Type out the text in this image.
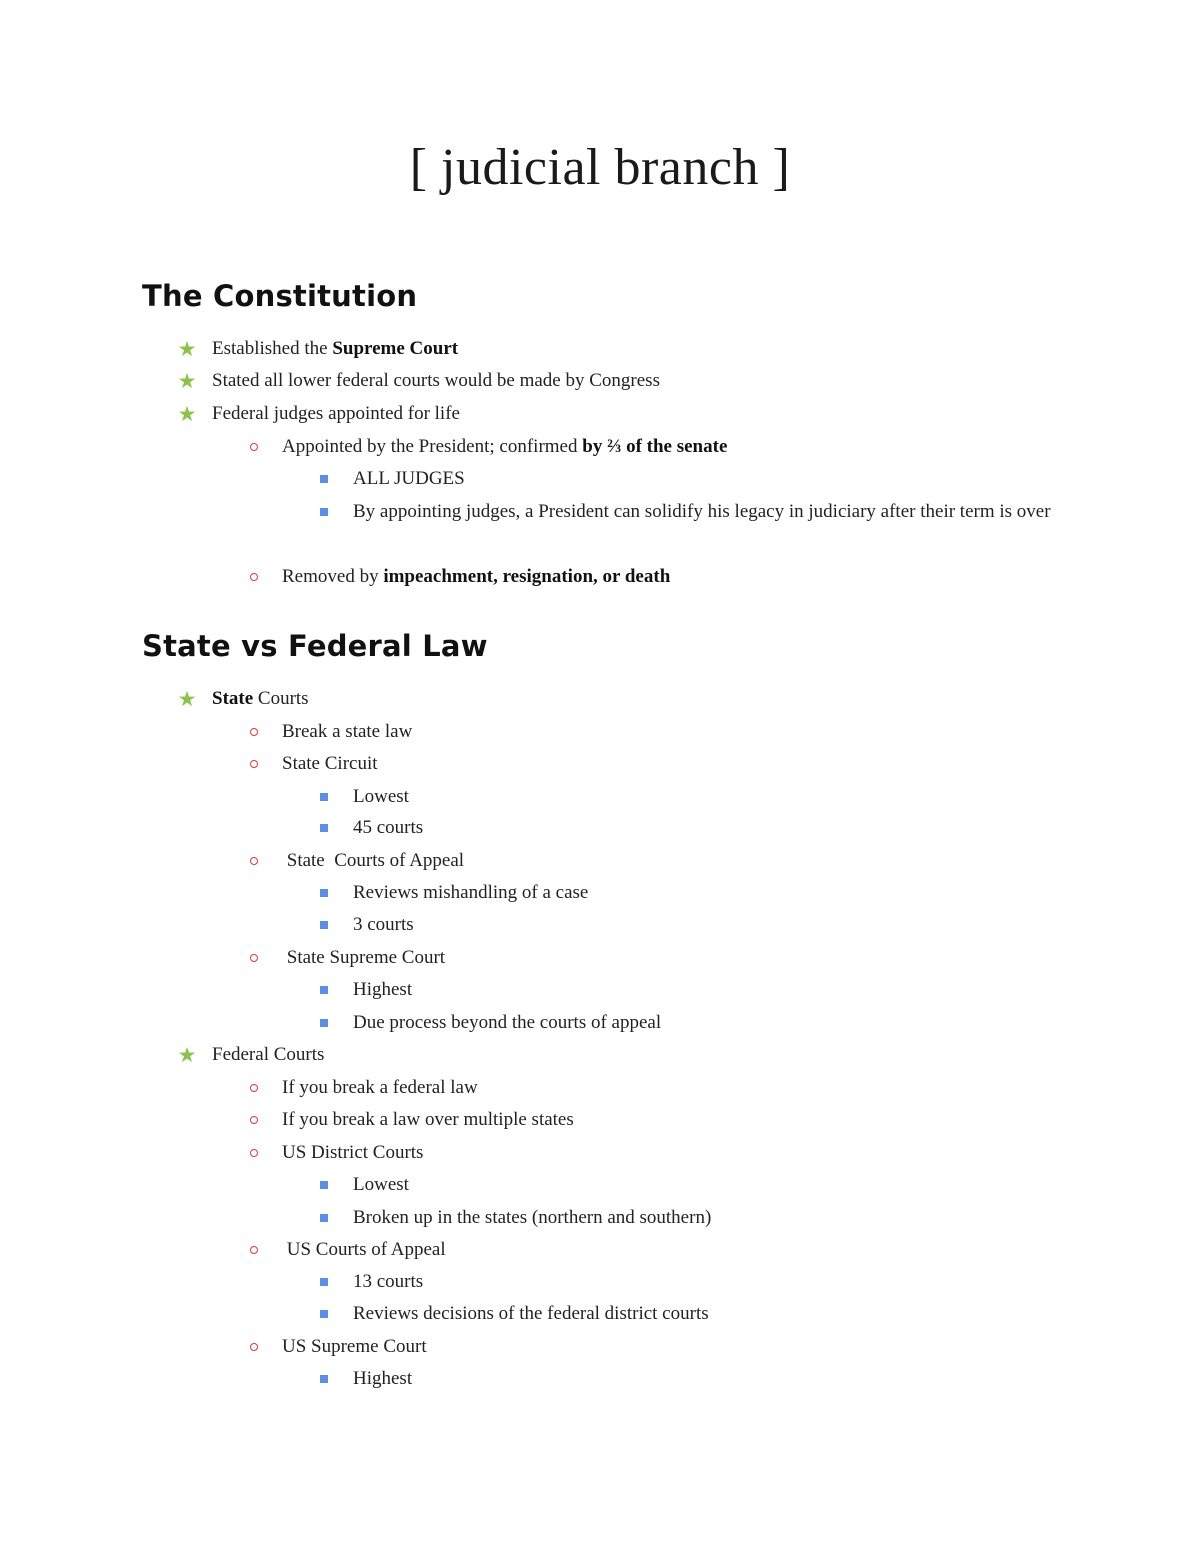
[ judicial branch ]
The Constitution
★ Established the Supreme Court
★ Stated all lower federal courts would be made by Congress
★ Federal judges appointed for life
Appointed by the President; confirmed by ⅔ of the senate
ALL JUDGES
By appointing judges, a President can solidify his legacy in judiciary after their term is over
Removed by impeachment, resignation, or death
State vs Federal Law
★ State Courts
Break a state law
State Circuit
Lowest
45 courts
State  Courts of Appeal
Reviews mishandling of a case
3 courts
State Supreme Court
Highest
Due process beyond the courts of appeal
★ Federal Courts
If you break a federal law
If you break a law over multiple states
US District Courts
Lowest
Broken up in the states (northern and southern)
US Courts of Appeal
13 courts
Reviews decisions of the federal district courts
US Supreme Court
Highest
